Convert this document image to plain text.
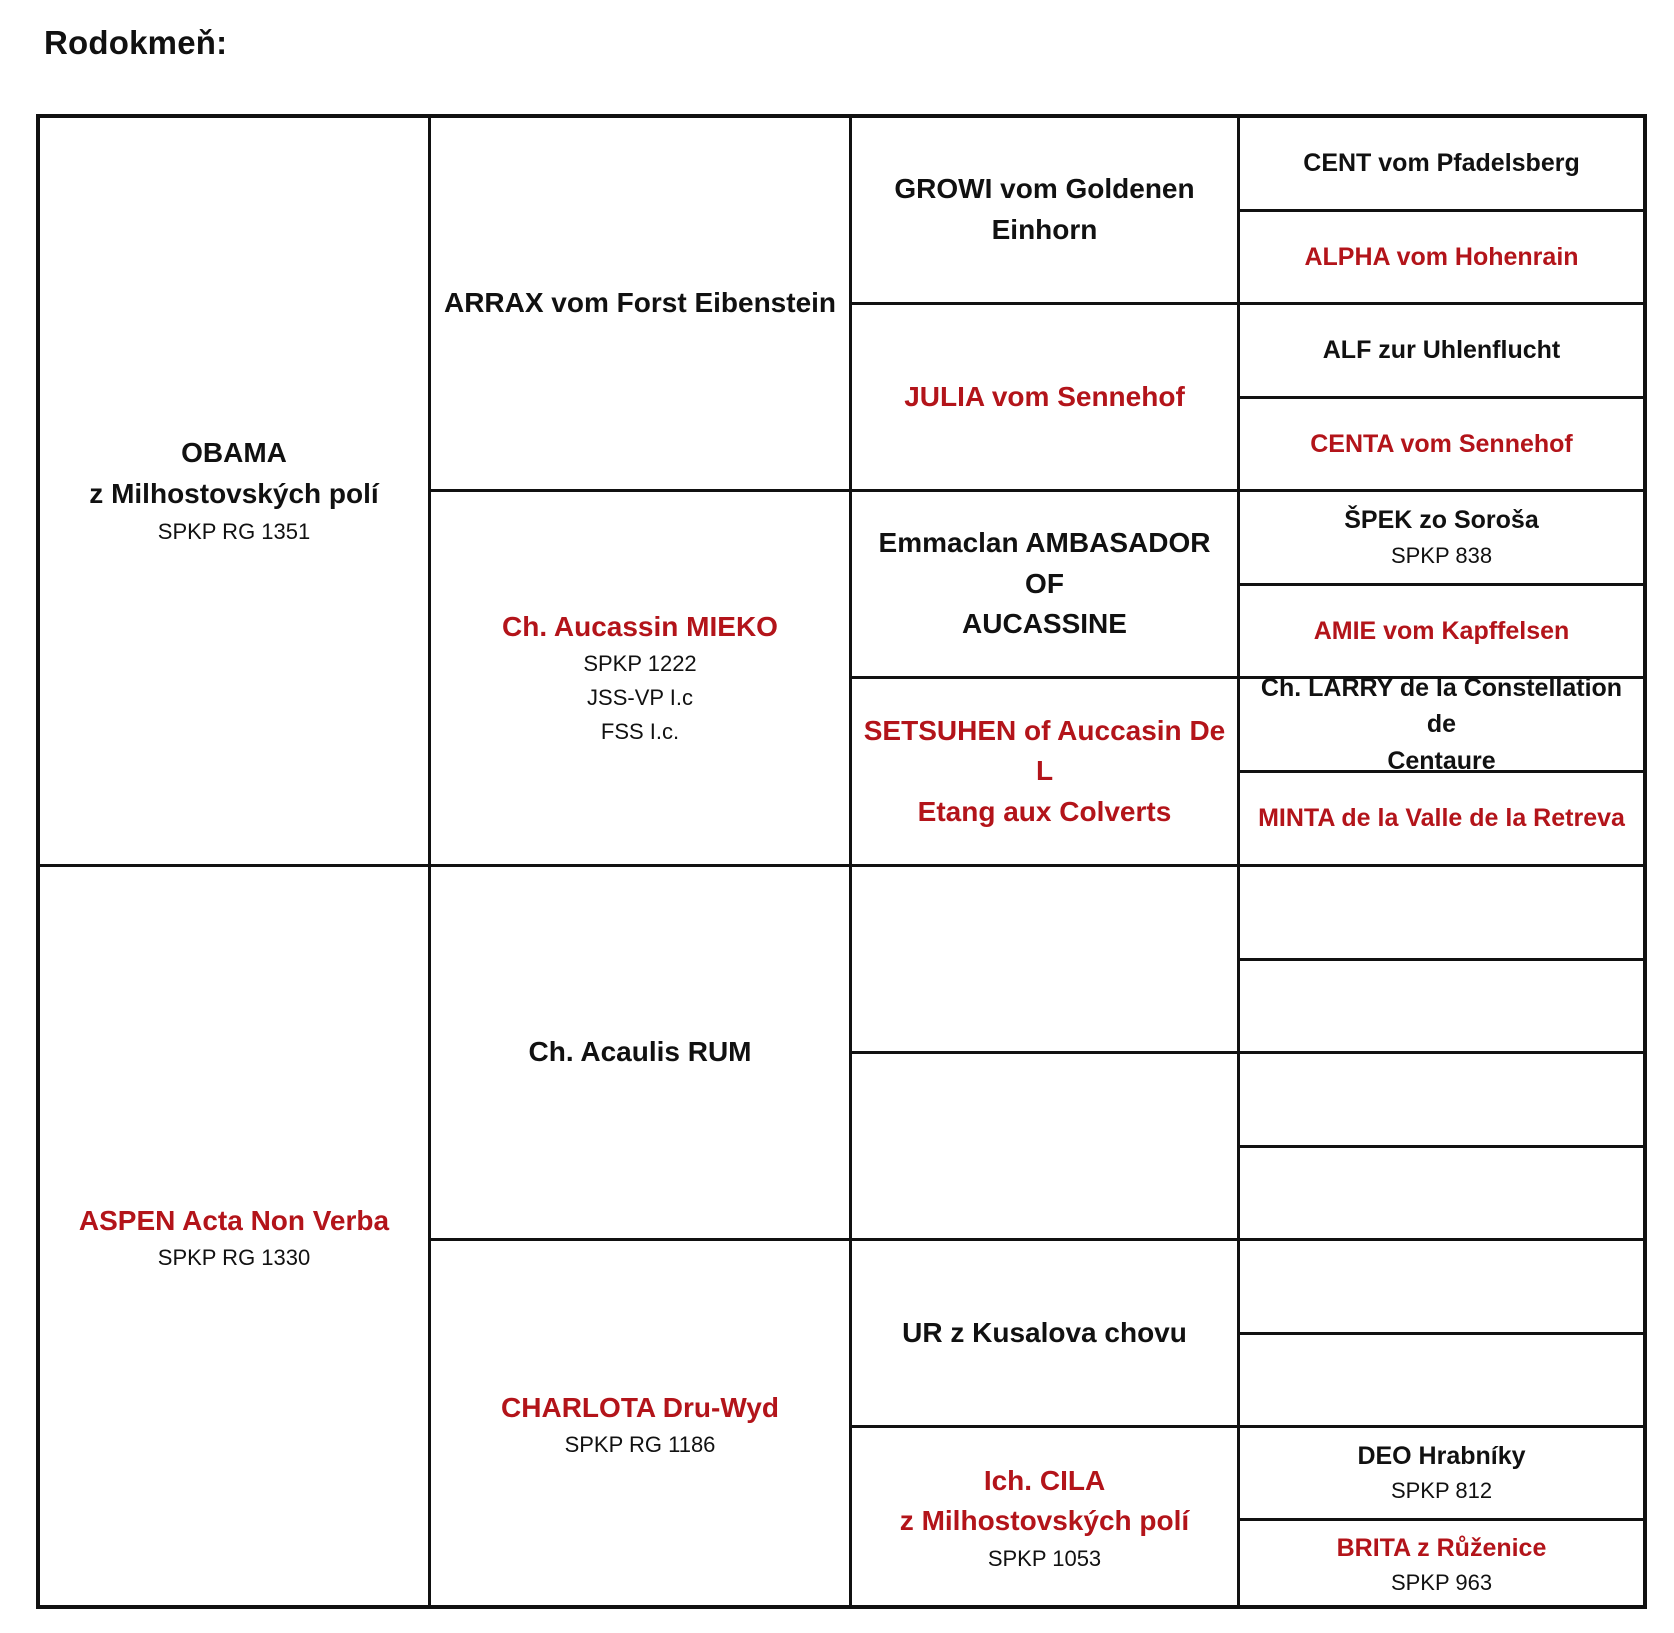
Rodokmeň:
OBAMA
z Milhostovských polí
SPKP RG 1351
ASPEN Acta Non Verba
SPKP RG 1330
ARRAX vom Forst Eibenstein
Ch. Aucassin MIEKO
SPKP 1222
JSS-VP I.c
FSS I.c.
Ch. Acaulis RUM
CHARLOTA Dru-Wyd
SPKP RG 1186
GROWI vom Goldenen
Einhorn
JULIA vom Sennehof
Emmaclan AMBASADOR OF
AUCASSINE
SETSUHEN of Auccasin De L
Etang aux Colverts
UR z Kusalova chovu
Ich. CILA
z Milhostovských polí
SPKP 1053
CENT vom Pfadelsberg
ALPHA vom Hohenrain
ALF zur Uhlenflucht
CENTA vom Sennehof
ŠPEK zo Soroša
SPKP 838
AMIE vom Kapffelsen
Ch. LARRY de la Constellation de
Centaure
MINTA de la Valle de la Retreva
DEO Hrabníky
SPKP 812
BRITA z Růženice
SPKP 963
